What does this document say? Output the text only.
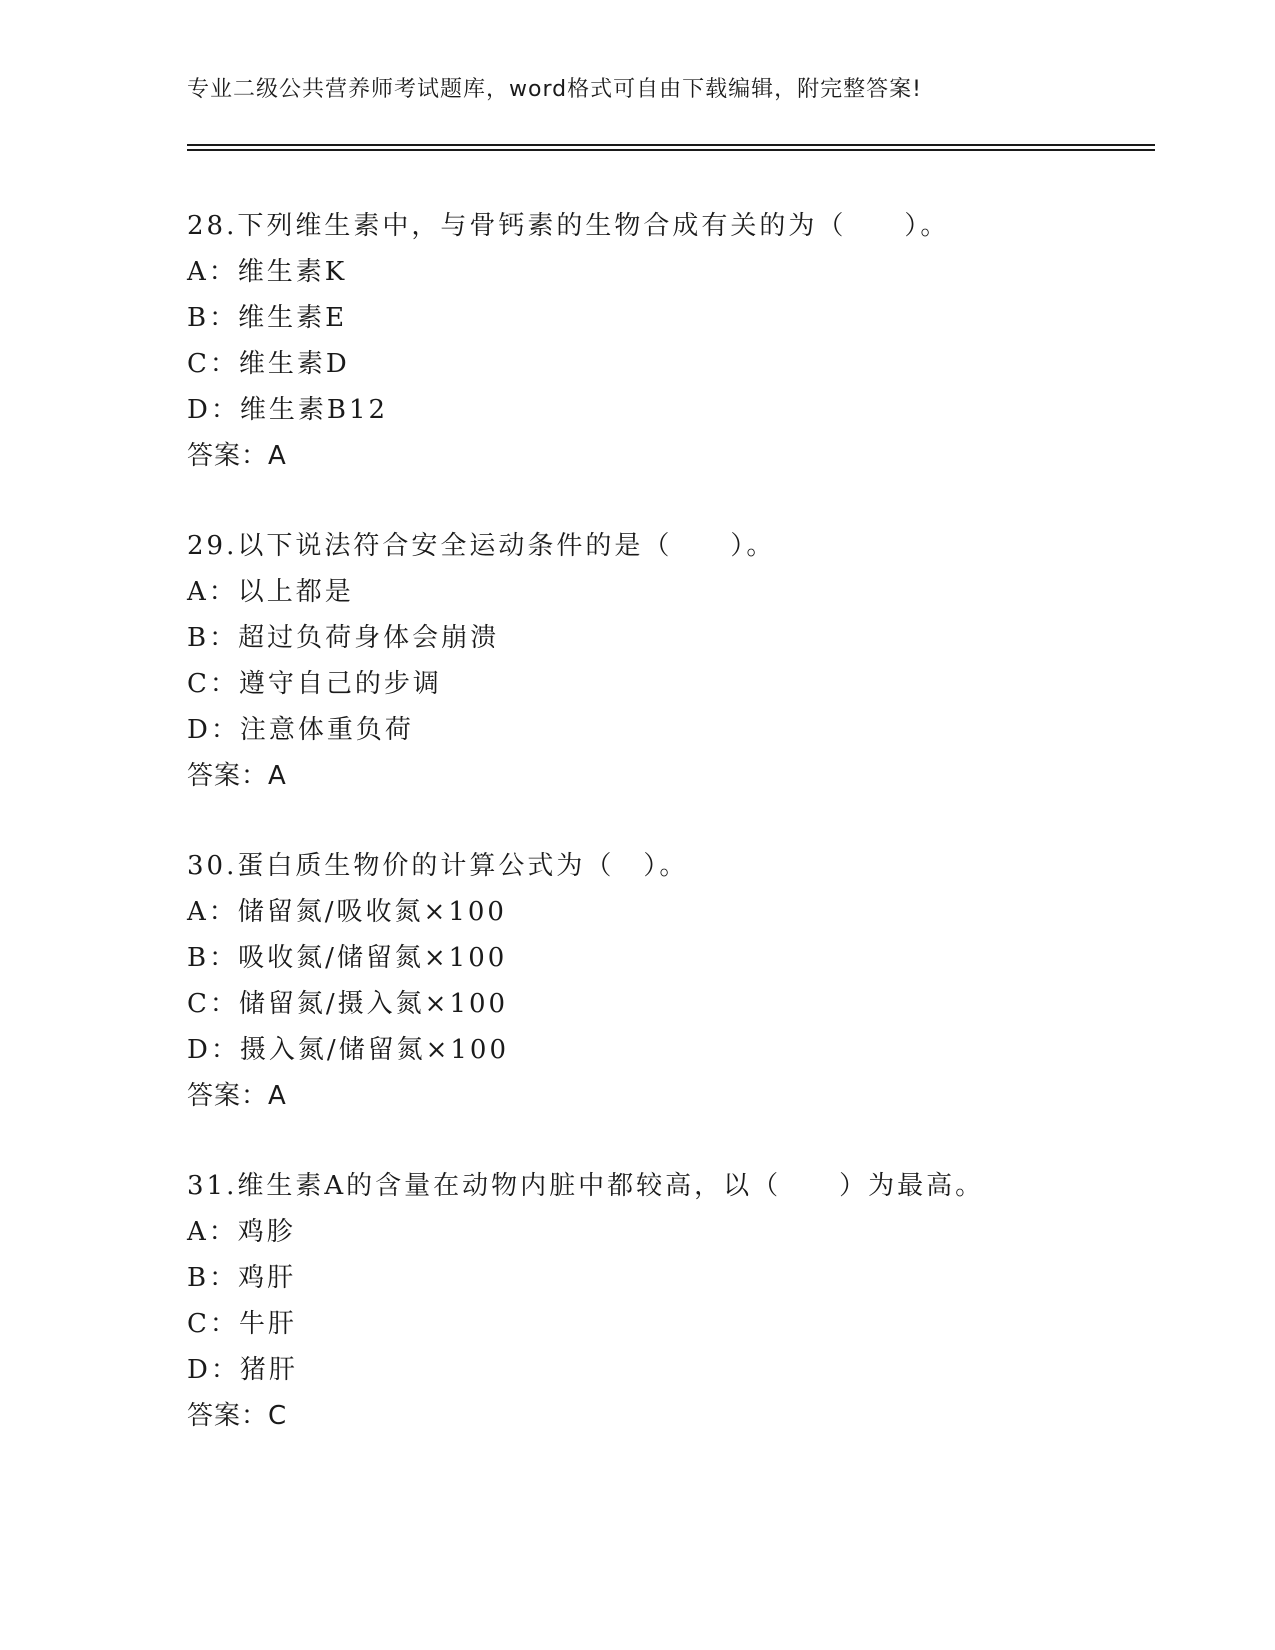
专业二级公共营养师考试题库，word格式可自由下载编辑，附完整答案!
28.下列维生素中，与骨钙素的生物合成有关的为（　　）。
A：维生素K
B：维生素E
C：维生素D
D：维生素B12
答案：A
29.以下说法符合安全运动条件的是（　　）。
A：以上都是
B：超过负荷身体会崩溃
C：遵守自己的步调
D：注意体重负荷
答案：A
30.蛋白质生物价的计算公式为（　）。
A：储留氮/吸收氮×100
B：吸收氮/储留氮×100
C：储留氮/摄入氮×100
D：摄入氮/储留氮×100
答案：A
31.维生素A的含量在动物内脏中都较高，以（　　）为最高。
A：鸡胗
B：鸡肝
C：牛肝
D：猪肝
答案：C
